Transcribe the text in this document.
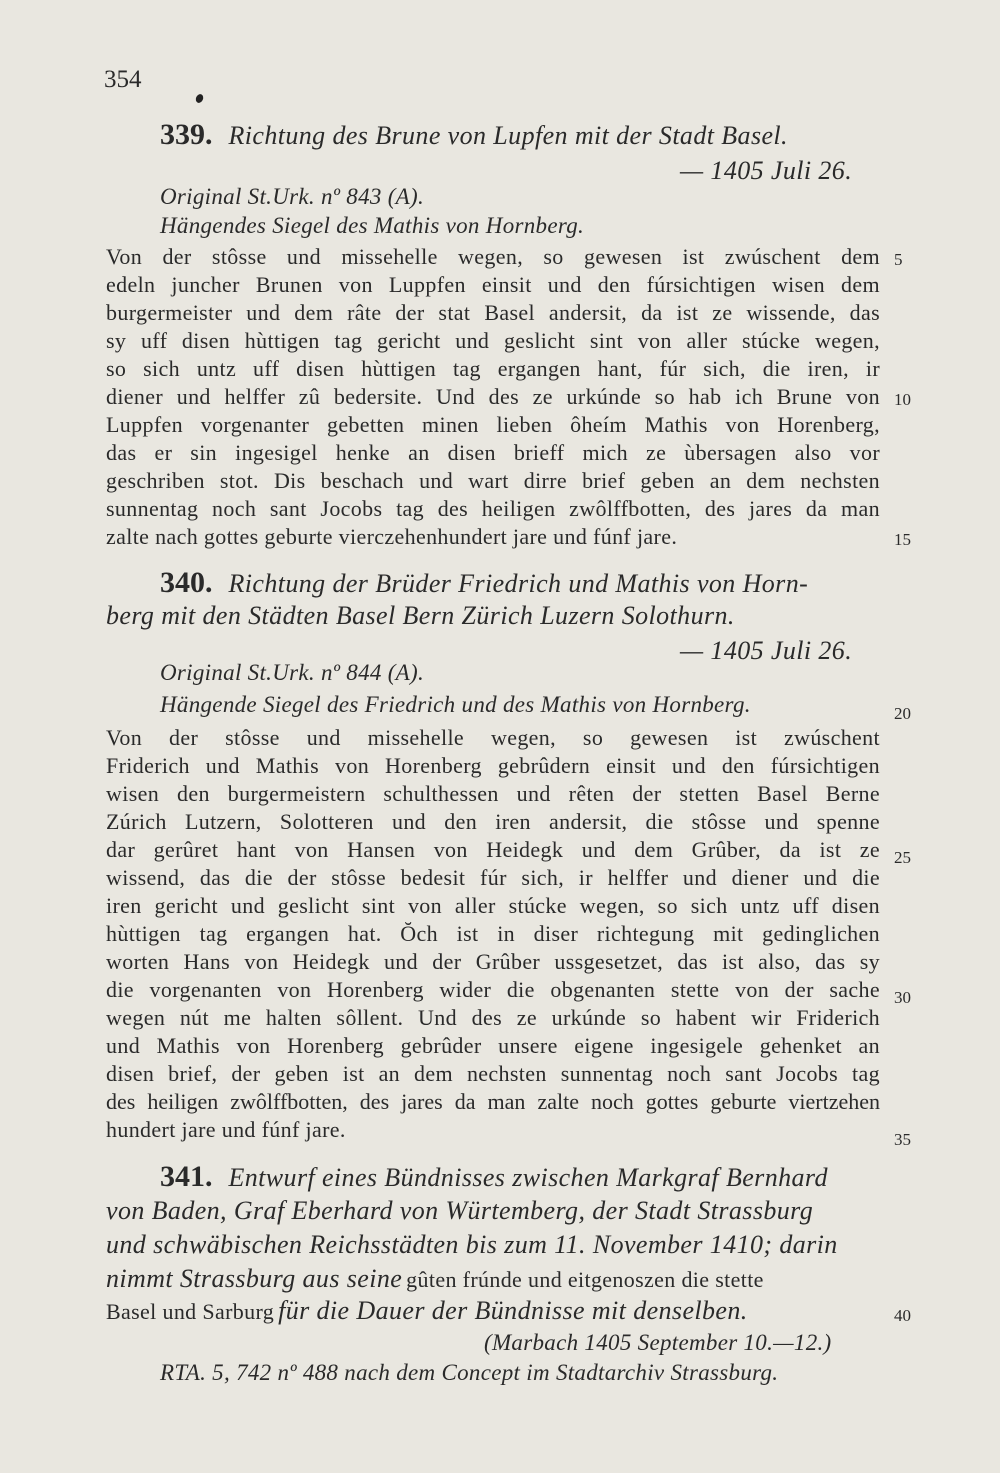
354
339. Richtung des Brune von Lupfen mit der Stadt Basel.
— 1405 Juli 26.
Original St.Urk. nº 843 (A).
Hängendes Siegel des Mathis von Hornberg.
Von der stôsse und missehelle wegen, so gewesen ist zwúschent dem
edeln juncher Brunen von Luppfen einsit und den fúrsichtigen wisen dem
burgermeister und dem râte der stat Basel andersit, da ist ze wissende, das
sy uff disen hùttigen tag gericht und geslicht sint von aller stúcke wegen,
so sich untz uff disen hùttigen tag ergangen hant, fúr sich, die iren, ir
diener und helffer zû bedersite. Und des ze urkúnde so hab ich Brune von
Luppfen vorgenanter gebetten minen lieben ôheím Mathis von Horenberg,
das er sin ingesigel henke an disen brieff mich ze ùbersagen also vor
geschriben stot. Dis beschach und wart dirre brief geben an dem nechsten
sunnentag noch sant Jocobs tag des heiligen zwôlffbotten, des jares da man
zalte nach gottes geburte vierczehenhundert jare und fúnf jare.
340. Richtung der Brüder Friedrich und Mathis von Horn-
berg mit den Städten Basel Bern Zürich Luzern Solothurn.
— 1405 Juli 26.
Original St.Urk. nº 844 (A).
Hängende Siegel des Friedrich und des Mathis von Hornberg.
Von der stôsse und missehelle wegen, so gewesen ist zwúschent
Friderich und Mathis von Horenberg gebrûdern einsit und den fúrsichtigen
wisen den burgermeistern schulthessen und rêten der stetten Basel Berne
Zúrich Lutzern, Solotteren und den iren andersit, die stôsse und spenne
dar gerûret hant von Hansen von Heidegk und dem Grûber, da ist ze
wissend, das die der stôsse bedesit fúr sich, ir helffer und diener und die
iren gericht und geslicht sint von aller stúcke wegen, so sich untz uff disen
hùttigen tag ergangen hat. Ŏch ist in diser richtegung mit gedinglichen
worten Hans von Heidegk und der Grûber ussgesetzet, das ist also, das sy
die vorgenanten von Horenberg wider die obgenanten stette von der sache
wegen nút me halten sôllent. Und des ze urkúnde so habent wir Friderich
und Mathis von Horenberg gebrûder unsere eigene ingesigele gehenket an
disen brief, der geben ist an dem nechsten sunnentag noch sant Jocobs tag
des heiligen zwôlffbotten, des jares da man zalte noch gottes geburte viertzehen
hundert jare und fúnf jare.
341. Entwurf eines Bündnisses zwischen Markgraf Bernhard
von Baden, Graf Eberhard von Würtemberg, der Stadt Strassburg
und schwäbischen Reichsstädten bis zum 11. November 1410; darin
nimmt Strassburg aus seine gûten frúnde und eitgenoszen die stette
Basel und Sarburg für die Dauer der Bündnisse mit denselben.
(Marbach 1405 September 10.—12.)
RTA. 5, 742 nº 488 nach dem Concept im Stadtarchiv Strassburg.
5
10
15
20
25
30
35
40
